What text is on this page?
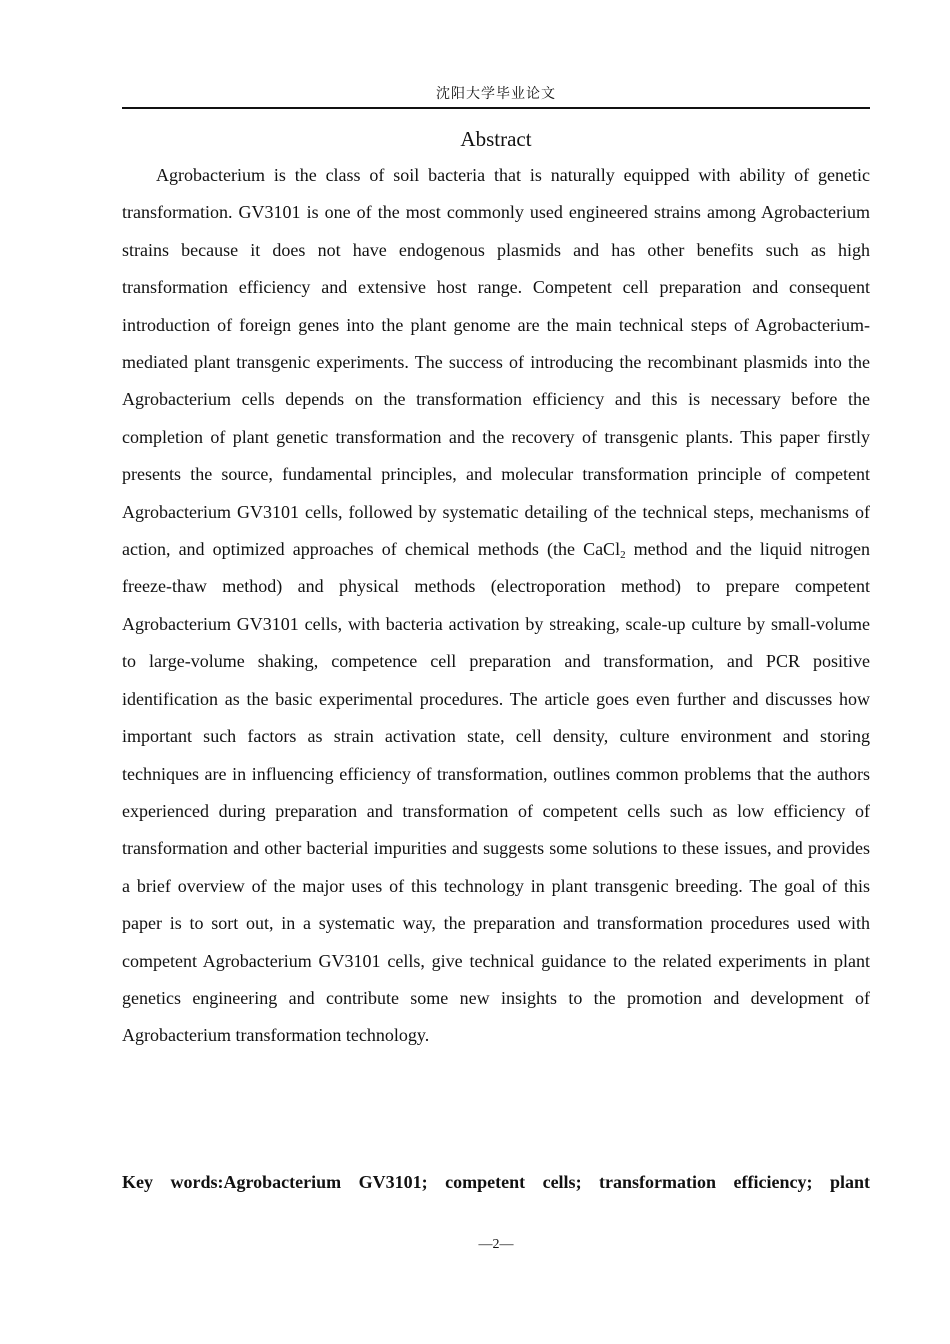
沈阳大学毕业论文
Abstract

Agrobacterium is the class of soil bacteria that is naturally equipped with ability of genetic transformation. GV3101 is one of the most commonly used engineered strains among Agrobacterium strains because it does not have endogenous plasmids and has other benefits such as high transformation efficiency and extensive host range. Competent cell preparation and consequent introduction of foreign genes into the plant genome are the main technical steps of Agrobacterium-mediated plant transgenic experiments. The success of introducing the recombinant plasmids into the Agrobacterium cells depends on the transformation efficiency and this is necessary before the completion of plant genetic transformation and the recovery of transgenic plants. This paper firstly presents the source, fundamental principles, and molecular transformation principle of competent Agrobacterium GV3101 cells, followed by systematic detailing of the technical steps, mechanisms of action, and optimized approaches of chemical methods (the CaCl$_2$ method and the liquid nitrogen freeze-thaw method) and physical methods (electroporation method) to prepare competent Agrobacterium GV3101 cells, with bacteria activation by streaking, scale-up culture by small-volume to large-volume shaking, competence cell preparation and transformation, and PCR positive identification as the basic experimental procedures. The article goes even further and discusses how important such factors as strain activation state, cell density, culture environment and storing techniques are in influencing efficiency of transformation, outlines common problems that the authors experienced during preparation and transformation of competent cells such as low efficiency of transformation and other bacterial impurities and suggests some solutions to these issues, and provides a brief overview of the major uses of this technology in plant transgenic breeding. The goal of this paper is to sort out, in a systematic way, the preparation and transformation procedures used with competent Agrobacterium GV3101 cells, give technical guidance to the related experiments in plant genetics engineering and contribute some new insights to the promotion and development of Agrobacterium transformation technology.

Key words:Agrobacterium GV3101; competent cells; transformation efficiency; plant
—2—
